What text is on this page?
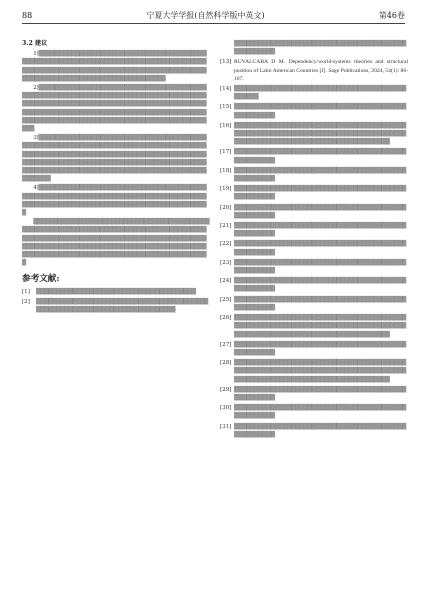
88	宁夏大学学报(自然科学版中英文)	第46卷
3.2 建议

1)▒▒▒▒▒▒▒▒▒▒▒▒▒▒▒▒▒▒▒▒▒▒▒▒▒▒▒▒▒▒▒▒▒▒▒▒▒▒▒▒▒▒▒▒▒▒▒▒▒▒▒▒▒▒▒▒▒▒▒▒▒▒▒▒▒▒▒▒▒▒▒▒▒▒▒▒▒▒▒▒▒▒▒▒▒▒▒▒▒▒▒▒▒▒▒▒▒▒▒▒▒▒▒▒▒▒▒▒▒▒▒▒▒▒▒▒▒▒▒▒▒▒▒▒▒▒▒▒▒▒▒▒▒▒▒▒▒▒▒▒▒▒▒▒▒▒▒▒▒▒▒▒▒▒▒▒▒▒▒▒▒▒▒▒▒▒

2)▒▒▒▒▒▒▒▒▒▒▒▒▒▒▒▒▒▒▒▒▒▒▒▒▒▒▒▒▒▒▒▒▒▒▒▒▒▒▒▒▒▒▒▒▒▒▒▒▒▒▒▒▒▒▒▒▒▒▒▒▒▒▒▒▒▒▒▒▒▒▒▒▒▒▒▒▒▒▒▒▒▒▒▒▒▒▒▒▒▒▒▒▒▒▒▒▒▒▒▒▒▒▒▒▒▒▒▒▒▒▒▒▒▒▒▒▒▒▒▒▒▒▒▒▒▒▒▒▒▒▒▒▒▒▒▒▒▒▒▒▒▒▒▒▒▒▒▒▒▒▒▒▒▒▒▒▒▒▒▒▒▒▒▒▒▒▒▒▒▒▒▒▒▒▒▒▒▒▒▒▒▒▒▒▒▒▒▒▒▒▒▒▒▒▒▒▒▒▒▒▒▒▒▒▒▒▒▒▒▒▒▒▒▒▒▒▒▒▒▒▒▒▒▒

3)▒▒▒▒▒▒▒▒▒▒▒▒▒▒▒▒▒▒▒▒▒▒▒▒▒▒▒▒▒▒▒▒▒▒▒▒▒▒▒▒▒▒▒▒▒▒▒▒▒▒▒▒▒▒▒▒▒▒▒▒▒▒▒▒▒▒▒▒▒▒▒▒▒▒▒▒▒▒▒▒▒▒▒▒▒▒▒▒▒▒▒▒▒▒▒▒▒▒▒▒▒▒▒▒▒▒▒▒▒▒▒▒▒▒▒▒▒▒▒▒▒▒▒▒▒▒▒▒▒▒▒▒▒▒▒▒▒▒▒▒▒▒▒▒▒▒▒▒▒▒▒▒▒▒▒▒▒▒▒▒▒▒▒▒▒▒▒▒▒▒▒▒▒▒▒▒▒▒▒▒▒▒▒▒▒▒▒▒▒▒▒▒▒▒▒▒▒▒▒▒▒▒▒▒▒▒▒▒▒▒▒▒▒▒▒▒▒▒▒▒▒▒▒▒▒▒▒▒

4)▒▒▒▒▒▒▒▒▒▒▒▒▒▒▒▒▒▒▒▒▒▒▒▒▒▒▒▒▒▒▒▒▒▒▒▒▒▒▒▒▒▒▒▒▒▒▒▒▒▒▒▒▒▒▒▒▒▒▒▒▒▒▒▒▒▒▒▒▒▒▒▒▒▒▒▒▒▒▒▒▒▒▒▒▒▒▒▒▒▒▒▒▒▒▒▒▒▒▒▒▒▒▒▒▒▒▒▒▒▒▒▒▒▒▒▒▒▒▒▒▒▒▒▒▒▒▒▒▒▒▒▒

▒▒▒▒▒▒▒▒▒▒▒▒▒▒▒▒▒▒▒▒▒▒▒▒▒▒▒▒▒▒▒▒▒▒▒▒▒▒▒▒▒▒▒▒▒▒▒▒▒▒▒▒▒▒▒▒▒▒▒▒▒▒▒▒▒▒▒▒▒▒▒▒▒▒▒▒▒▒▒▒▒▒▒▒▒▒▒▒▒▒▒▒▒▒▒▒▒▒▒▒▒▒▒▒▒▒▒▒▒▒▒▒▒▒▒▒▒▒▒▒▒▒▒▒▒▒▒▒▒▒▒▒▒▒▒▒▒▒▒▒▒▒▒▒▒▒▒▒▒▒▒▒▒▒▒▒▒▒▒▒▒▒▒▒▒▒▒▒▒▒▒▒▒▒▒▒▒▒▒▒▒▒▒▒▒▒▒▒▒▒▒▒▒▒▒▒▒▒▒▒▒▒▒▒▒▒▒▒▒▒▒▒▒▒▒▒▒▒▒▒▒▒▒▒

参考文献:
[1]	▒▒▒▒▒▒▒▒▒▒▒▒▒▒▒▒▒▒▒▒▒▒▒▒▒▒▒▒▒▒▒▒▒▒▒▒▒▒▒
[2]	▒▒▒▒▒▒▒▒▒▒▒▒▒▒▒▒▒▒▒▒▒▒▒▒▒▒▒▒▒▒▒▒▒▒▒▒▒▒▒▒▒▒▒▒▒▒▒▒▒▒▒▒▒▒▒▒▒▒▒▒▒▒▒▒▒▒▒▒▒▒▒▒▒▒▒▒
▒▒▒▒▒▒▒▒▒▒▒▒▒▒▒▒▒▒▒▒▒▒▒▒▒▒▒▒▒▒▒▒▒▒▒▒▒▒▒▒▒▒▒▒▒▒▒▒▒▒▒▒
[13] RUVALCABA D M. Dependency/world-systems theories and structural position of Latin American Countries [J]. Sage Publications, 2024, 54(1): 86-107.
[14] ▒▒▒▒▒▒▒▒▒▒▒▒▒▒▒▒▒▒▒▒▒▒▒▒▒▒▒▒▒▒▒▒▒▒▒▒▒▒▒▒▒▒▒▒▒▒▒▒
[15] ▒▒▒▒▒▒▒▒▒▒▒▒▒▒▒▒▒▒▒▒▒▒▒▒▒▒▒▒▒▒▒▒▒▒▒▒▒▒▒▒▒▒▒▒▒▒▒▒▒▒▒▒
[16] ▒▒▒▒▒▒▒▒▒▒▒▒▒▒▒▒▒▒▒▒▒▒▒▒▒▒▒▒▒▒▒▒▒▒▒▒▒▒▒▒▒▒▒▒▒▒▒▒▒▒▒▒▒▒▒▒▒▒▒▒▒▒▒▒▒▒▒▒▒▒▒▒▒▒▒▒▒▒▒▒▒▒▒▒▒▒▒▒▒▒▒▒▒▒▒▒▒▒▒▒▒▒▒▒▒▒▒▒▒▒▒▒▒▒▒▒▒▒▒▒▒▒
[17] ▒▒▒▒▒▒▒▒▒▒▒▒▒▒▒▒▒▒▒▒▒▒▒▒▒▒▒▒▒▒▒▒▒▒▒▒▒▒▒▒▒▒▒▒▒▒▒▒▒▒▒▒
[18] ▒▒▒▒▒▒▒▒▒▒▒▒▒▒▒▒▒▒▒▒▒▒▒▒▒▒▒▒▒▒▒▒▒▒▒▒▒▒▒▒▒▒▒▒▒▒▒▒▒▒▒▒
[19] ▒▒▒▒▒▒▒▒▒▒▒▒▒▒▒▒▒▒▒▒▒▒▒▒▒▒▒▒▒▒▒▒▒▒▒▒▒▒▒▒▒▒▒▒▒▒▒▒▒▒▒▒
[20] ▒▒▒▒▒▒▒▒▒▒▒▒▒▒▒▒▒▒▒▒▒▒▒▒▒▒▒▒▒▒▒▒▒▒▒▒▒▒▒▒▒▒▒▒▒▒▒▒▒▒▒▒
[21] ▒▒▒▒▒▒▒▒▒▒▒▒▒▒▒▒▒▒▒▒▒▒▒▒▒▒▒▒▒▒▒▒▒▒▒▒▒▒▒▒▒▒▒▒▒▒▒▒▒▒▒▒
[22] ▒▒▒▒▒▒▒▒▒▒▒▒▒▒▒▒▒▒▒▒▒▒▒▒▒▒▒▒▒▒▒▒▒▒▒▒▒▒▒▒▒▒▒▒▒▒▒▒▒▒▒▒
[23] ▒▒▒▒▒▒▒▒▒▒▒▒▒▒▒▒▒▒▒▒▒▒▒▒▒▒▒▒▒▒▒▒▒▒▒▒▒▒▒▒▒▒▒▒▒▒▒▒▒▒▒▒
[24] ▒▒▒▒▒▒▒▒▒▒▒▒▒▒▒▒▒▒▒▒▒▒▒▒▒▒▒▒▒▒▒▒▒▒▒▒▒▒▒▒▒▒▒▒▒▒▒▒▒▒▒▒
[25] ▒▒▒▒▒▒▒▒▒▒▒▒▒▒▒▒▒▒▒▒▒▒▒▒▒▒▒▒▒▒▒▒▒▒▒▒▒▒▒▒▒▒▒▒▒▒▒▒▒▒▒▒
[26] ▒▒▒▒▒▒▒▒▒▒▒▒▒▒▒▒▒▒▒▒▒▒▒▒▒▒▒▒▒▒▒▒▒▒▒▒▒▒▒▒▒▒▒▒▒▒▒▒▒▒▒▒▒▒▒▒▒▒▒▒▒▒▒▒▒▒▒▒▒▒▒▒▒▒▒▒▒▒▒▒▒▒▒▒▒▒▒▒▒▒▒▒▒▒▒▒▒▒▒▒▒▒▒▒▒▒▒▒▒▒▒▒▒▒▒▒▒▒▒▒▒▒
[27] ▒▒▒▒▒▒▒▒▒▒▒▒▒▒▒▒▒▒▒▒▒▒▒▒▒▒▒▒▒▒▒▒▒▒▒▒▒▒▒▒▒▒▒▒▒▒▒▒▒▒▒▒
[28] ▒▒▒▒▒▒▒▒▒▒▒▒▒▒▒▒▒▒▒▒▒▒▒▒▒▒▒▒▒▒▒▒▒▒▒▒▒▒▒▒▒▒▒▒▒▒▒▒▒▒▒▒▒▒▒▒▒▒▒▒▒▒▒▒▒▒▒▒▒▒▒▒▒▒▒▒▒▒▒▒▒▒▒▒▒▒▒▒▒▒▒▒▒▒▒▒▒▒▒▒▒▒▒▒▒▒▒▒▒▒▒▒▒▒▒▒▒▒▒▒▒▒
[29] ▒▒▒▒▒▒▒▒▒▒▒▒▒▒▒▒▒▒▒▒▒▒▒▒▒▒▒▒▒▒▒▒▒▒▒▒▒▒▒▒▒▒▒▒▒▒▒▒▒▒▒▒
[30] ▒▒▒▒▒▒▒▒▒▒▒▒▒▒▒▒▒▒▒▒▒▒▒▒▒▒▒▒▒▒▒▒▒▒▒▒▒▒▒▒▒▒▒▒▒▒▒▒▒▒▒▒
[31] ▒▒▒▒▒▒▒▒▒▒▒▒▒▒▒▒▒▒▒▒▒▒▒▒▒▒▒▒▒▒▒▒▒▒▒▒▒▒▒▒▒▒▒▒▒▒▒▒▒▒▒▒
